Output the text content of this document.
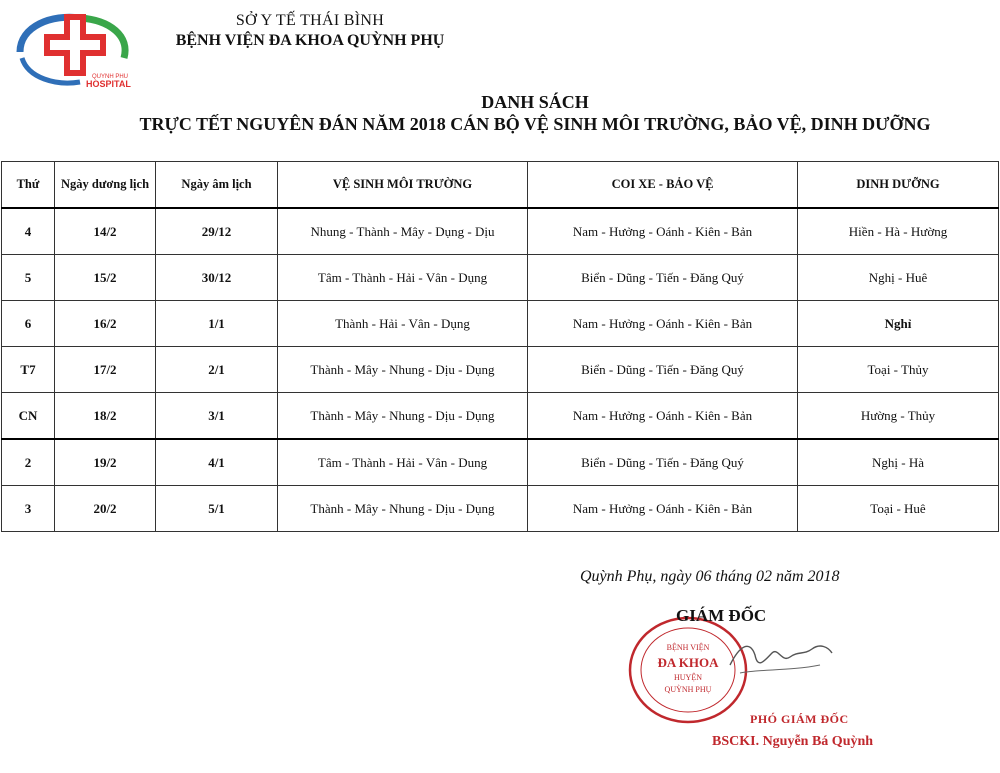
QUYNH PHU
HOSPITAL
SỞ Y TẾ THÁI BÌNH
BỆNH VIỆN ĐA KHOA QUỲNH PHỤ
DANH SÁCH
TRỰC TẾT NGUYÊN ĐÁN NĂM 2018 CÁN BỘ VỆ SINH MÔI TRƯỜNG, BẢO VỆ, DINH DƯỠNG
Thứ	Ngày dương lịch	Ngày âm lịch	VỆ SINH MÔI TRƯỜNG	COI XE - BẢO VỆ	DINH DƯỠNG
4	14/2	29/12	Nhung - Thành - Mây - Dụng - Dịu	Nam - Hưởng - Oánh - Kiên - Bản	Hiền - Hà - Hường
5	15/2	30/12	Tâm - Thành - Hải - Vân - Dụng	Biển - Dũng - Tiến - Đăng Quý	Nghị - Huê
6	16/2	1/1	Thành - Hải - Vân - Dụng	Nam - Hưởng - Oánh - Kiên - Bản	Nghỉ
T7	17/2	2/1	Thành - Mây - Nhung - Dịu - Dụng	Biển - Dũng - Tiến - Đăng Quý	Toại - Thủy
CN	18/2	3/1	Thành - Mây - Nhung - Dịu - Dụng	Nam - Hưởng - Oánh - Kiên - Bản	Hường - Thủy
2	19/2	4/1	Tâm - Thành - Hải - Vân - Dung	Biển - Dũng - Tiến - Đăng Quý	Nghị - Hà
3	20/2	5/1	Thành - Mây - Nhung - Dịu - Dụng	Nam - Hưởng - Oánh - Kiên - Bản	Toại - Huê
Quỳnh Phụ, ngày 06 tháng 02 năm 2018
BỆNH VIỆN
ĐA KHOA
HUYỆN
QUỲNH PHỤ
GIÁM ĐỐC
PHÓ GIÁM ĐỐC
BSCKI. Nguyễn Bá Quỳnh
